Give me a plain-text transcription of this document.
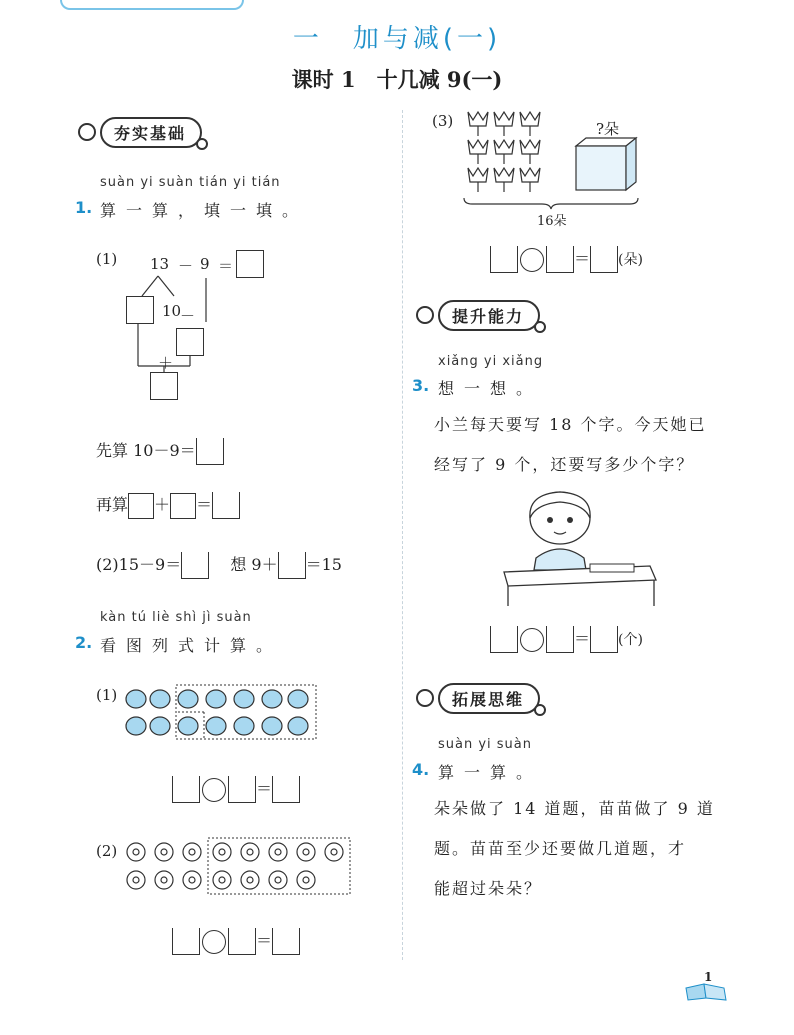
一　加与减(一)
课时 1　十几减 9(一)
夯实基础
suàn yi suàn tián yi tián
1. 算一算，填一填。
(1) 13 － 9 ＝
10
－
＋
先算 10－9＝
再算 ＋ ＝
(2)15－9＝	想 9＋ ＝15
kàn tú liè shì jì suàn
2. 看图列式计算。
(1)
＝
(2)
＝
(3)	?朵
16朵
＝ (朵)
提升能力
xiǎng yi xiǎng
3. 想一想。
小兰每天要写 18 个字。今天她已
经写了 9 个，还要写多少个字？
＝ (个)
拓展思维
suàn yi suàn
4. 算一算。
朵朵做了 14 道题，苗苗做了 9 道
题。苗苗至少还要做几道题，才
能超过朵朵？
1
